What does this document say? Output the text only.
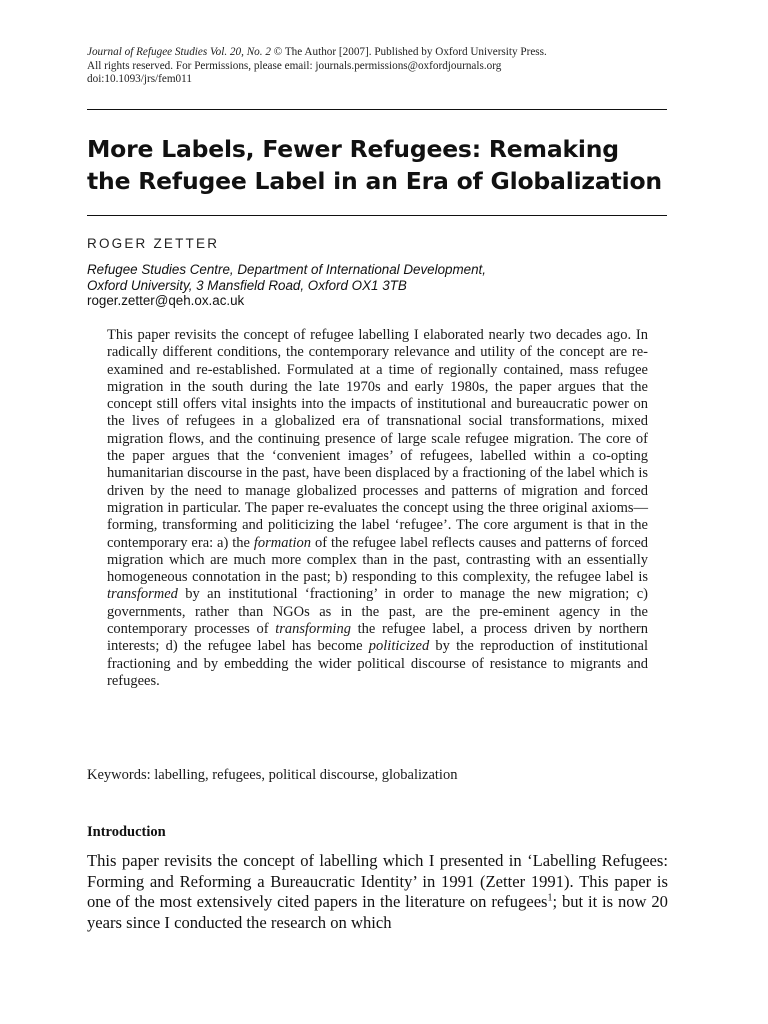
Journal of Refugee Studies Vol. 20, No. 2 © The Author [2007]. Published by Oxford University Press.
All rights reserved. For Permissions, please email: journals.permissions@oxfordjournals.org
doi:10.1093/jrs/fem011
More Labels, Fewer Refugees: Remaking
the Refugee Label in an Era of Globalization
ROGER ZETTER
Refugee Studies Centre, Department of International Development,
Oxford University, 3 Mansfield Road, Oxford OX1 3TB
roger.zetter@qeh.ox.ac.uk

This paper revisits the concept of refugee labelling I elaborated nearly two decades ago. In radically different conditions, the contemporary relevance and utility of the concept are re-examined and re-established. Formulated at a time of regionally contained, mass refugee migration in the south during the late 1970s and early 1980s, the paper argues that the concept still offers vital insights into the impacts of institutional and bureaucratic power on the lives of refugees in a globalized era of transnational social transformations, mixed migration flows, and the continuing presence of large scale refugee migration. The core of the paper argues that the ‘convenient images’ of refugees, labelled within a co-opting humanitarian discourse in the past, have been displaced by a fractioning of the label which is driven by the need to manage globalized processes and patterns of migration and forced migration in particular. The paper re-evaluates the concept using the three original axioms—forming, transforming and politicizing the label ‘refugee’. The core argument is that in the contemporary era: a) the formation of the refugee label reflects causes and patterns of forced migration which are much more complex than in the past, contrasting with an essentially homogeneous connotation in the past; b) responding to this complexity, the refugee label is transformed by an institutional ‘fractioning’ in order to manage the new migration; c) governments, rather than NGOs as in the past, are the pre-eminent agency in the contemporary processes of transforming the refugee label, a process driven by northern interests; d) the refugee label has become politicized by the reproduction of institutional fractioning and by embedding the wider political discourse of resistance to migrants and refugees.

Keywords: labelling, refugees, political discourse, globalization
Introduction

This paper revisits the concept of labelling which I presented in ‘Labelling Refugees: Forming and Reforming a Bureaucratic Identity’ in 1991 (Zetter 1991). This paper is one of the most extensively cited papers in the literature on refugees$^1$; but it is now 20 years since I conducted the research on which
